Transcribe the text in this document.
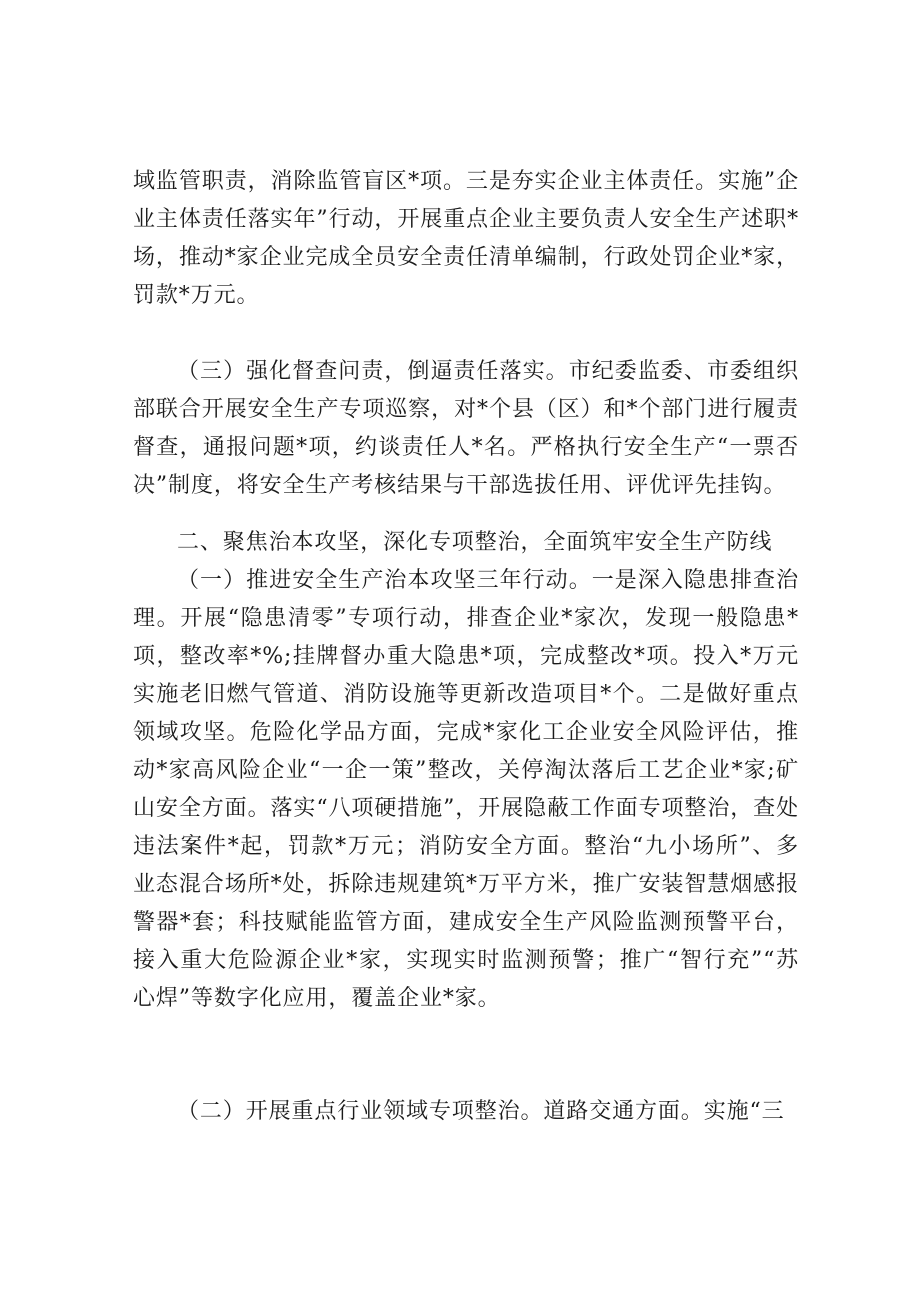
域监管职责，消除监管盲区*项。三是夯实企业主体责任。实施”企业主体责任落实年”行动，开展重点企业主要负责人安全生产述职*场，推动*家企业完成全员安全责任清单编制，行政处罚企业*家，罚款*万元。

（三）强化督查问责，倒逼责任落实。市纪委监委、市委组织部联合开展安全生产专项巡察，对*个县（区）和*个部门进行履责督查，通报问题*项，约谈责任人*名。严格执行安全生产“一票否决”制度，将安全生产考核结果与干部选拔任用、评优评先挂钩。

二、聚焦治本攻坚，深化专项整治，全面筑牢安全生产防线

（一）推进安全生产治本攻坚三年行动。一是深入隐患排查治理。开展“隐患清零”专项行动，排查企业*家次，发现一般隐患*项，整改率*%;挂牌督办重大隐患*项，完成整改*项。投入*万元实施老旧燃气管道、消防设施等更新改造项目*个。二是做好重点领域攻坚。危险化学品方面，完成*家化工企业安全风险评估，推动*家高风险企业“一企一策”整改，关停淘汰落后工艺企业*家;矿山安全方面。落实“八项硬措施”，开展隐蔽工作面专项整治，查处违法案件*起，罚款*万元；消防安全方面。整治“九小场所”、多业态混合场所*处，拆除违规建筑*万平方米，推广安装智慧烟感报警器*套；科技赋能监管方面，建成安全生产风险监测预警平台，接入重大危险源企业*家，实现实时监测预警；推广“智行充”“苏心焊”等数字化应用，覆盖企业*家。

（二）开展重点行业领域专项整治。道路交通方面。实施“三
